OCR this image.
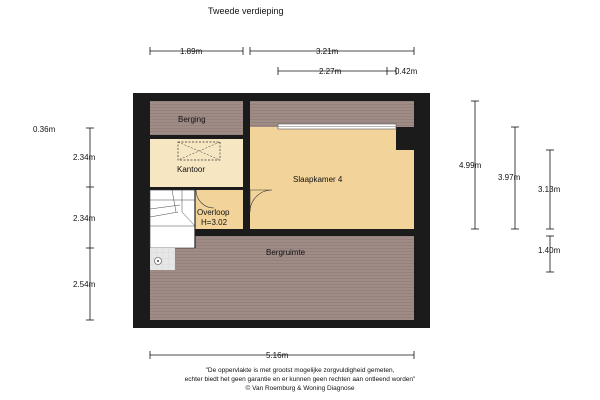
Tweede verdieping
Berging
Kantoor
Slaapkamer 4
Overloop
H=3.02
Bergruimte
1.89m	3.21m
2.27m	0.42m
0.36m
2.34m
2.34m
2.54m
4.99m
3.97m
3.13m
1.40m
5.16m
"De oppervlakte is met grootst mogelijke zorgvuldigheid gemeten,
echter biedt het geen garantie en er kunnen geen rechten aan ontleend worden"
© Van Roemburg & Woning Diagnose
